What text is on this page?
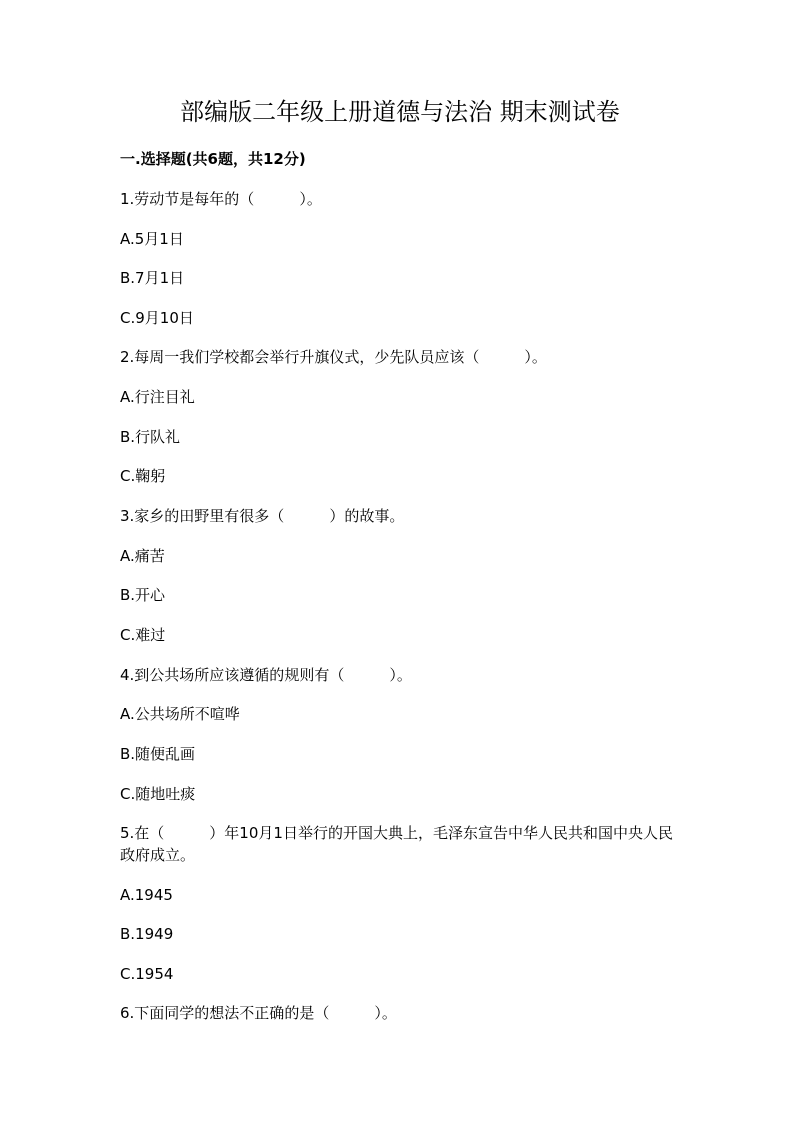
部编版二年级上册道德与法治 期末测试卷
一.选择题(共6题，共12分)
1.劳动节是每年的（　　　）。
A.5月1日
B.7月1日
C.9月10日
2.每周一我们学校都会举行升旗仪式，少先队员应该（　　　）。
A.行注目礼
B.行队礼
C.鞠躬
3.家乡的田野里有很多（　　　）的故事。
A.痛苦
B.开心
C.难过
4.到公共场所应该遵循的规则有（　　　）。
A.公共场所不喧哗
B.随便乱画
C.随地吐痰
5.在（　　　）年10月1日举行的开国大典上，毛泽东宣告中华人民共和国中央人民政府成立。
A.1945
B.1949
C.1954
6.下面同学的想法不正确的是（　　　）。
